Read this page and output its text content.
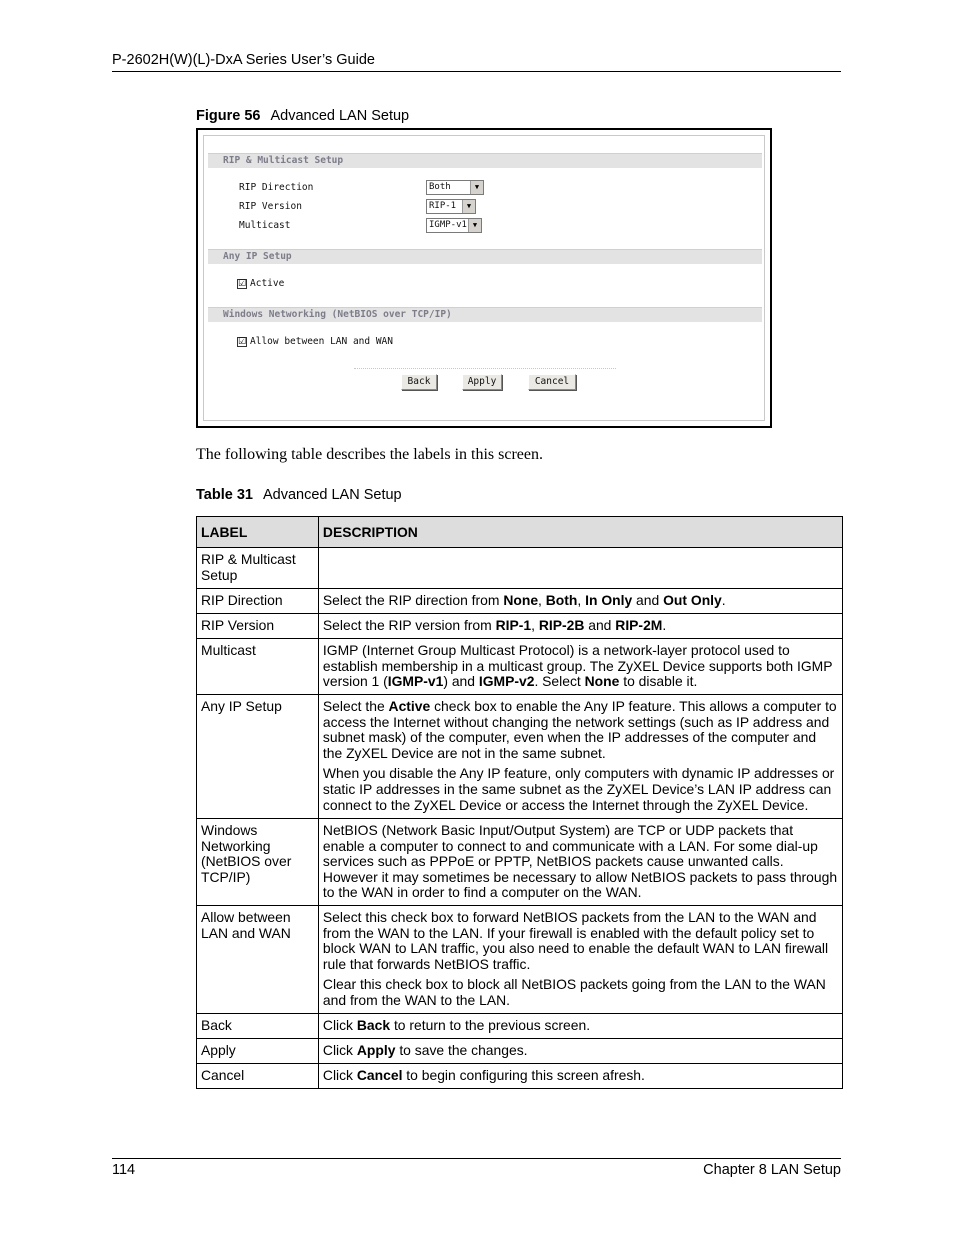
P-2602H(W)(L)-DxA Series User’s Guide
Figure 56 Advanced LAN Setup
RIP & Multicast Setup
RIP Direction	Both	▼
RIP Version	RIP-1	▼
Multicast	IGMP-v1 ▼
Any IP Setup
☑ Active
Windows Networking (NetBIOS over TCP/IP)
☑ Allow between LAN and WAN
Back	Apply	Cancel
The following table describes the labels in this screen.
Table 31 Advanced LAN Setup
LABEL	DESCRIPTION
RIP & Multicast Setup	
RIP Direction	Select the RIP direction from None, Both, In Only and Out Only.

RIP Version	Select the RIP version from RIP-1, RIP-2B and RIP-2M.

Multicast	IGMP (Internet Group Multicast Protocol) is a network-layer protocol used to establish membership in a multicast group. The ZyXEL Device supports both IGMP version 1 (IGMP-v1) and IGMP-v2. Select None to disable it.

Any IP Setup	Select the Active check box to enable the Any IP feature. This allows a computer to access the Internet without changing the network settings (such as IP address and subnet mask) of the computer, even when the IP addresses of the computer and the ZyXEL Device are not in the same subnet.

When you disable the Any IP feature, only computers with dynamic IP addresses or static IP addresses in the same subnet as the ZyXEL Device’s LAN IP address can connect to the ZyXEL Device or access the Internet through the ZyXEL Device.

Windows Networking (NetBIOS over TCP/IP)	NetBIOS (Network Basic Input/Output System) are TCP or UDP packets that enable a computer to connect to and communicate with a LAN. For some dial-up services such as PPPoE or PPTP, NetBIOS packets cause unwanted calls. However it may sometimes be necessary to allow NetBIOS packets to pass through to the WAN in order to find a computer on the WAN.

Allow between LAN and WAN	Select this check box to forward NetBIOS packets from the LAN to the WAN and from the WAN to the LAN. If your firewall is enabled with the default policy set to block WAN to LAN traffic, you also need to enable the default WAN to LAN firewall rule that forwards NetBIOS traffic.

Clear this check box to block all NetBIOS packets going from the LAN to the WAN and from the WAN to the LAN.

Back	Click Back to return to the previous screen.

Apply	Click Apply to save the changes.

Cancel	Click Cancel to begin configuring this screen afresh.

114	Chapter 8 LAN Setup
